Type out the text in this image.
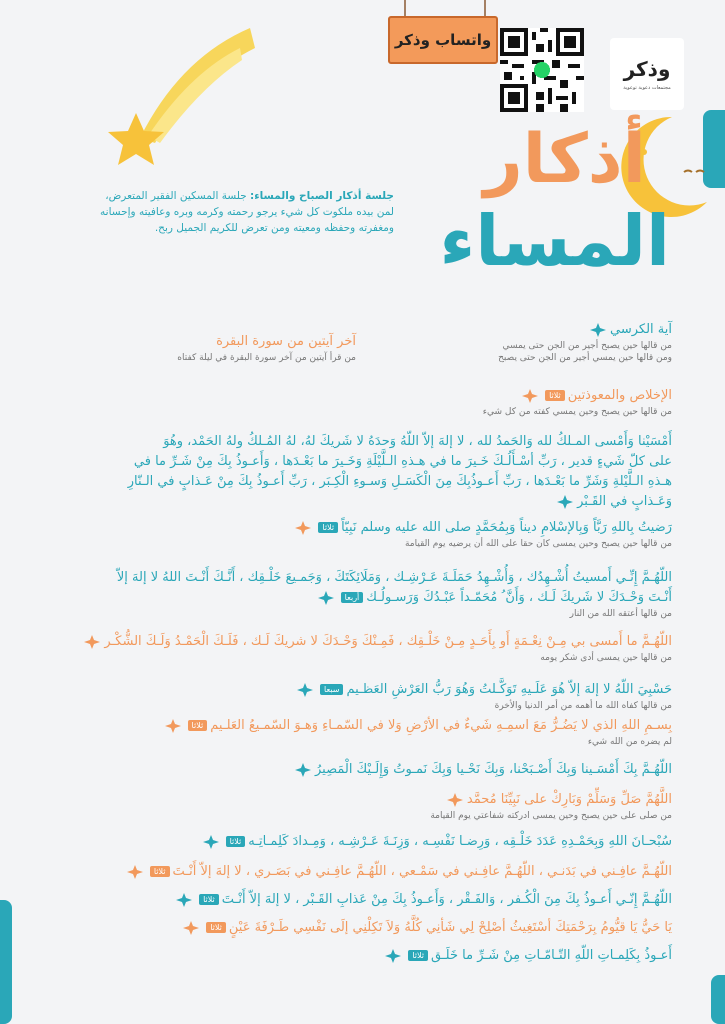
واتساب وذكر
وذكر
مجتمعات دعوية توعوية
أذكار
المساء
جلسة أذكار الصباح والمساء: جلسة المسكين الفقير المتعرض، لمن بيده ملكوت كل شيء يرجو رحمته وكرمه وبره وعافيته وإحسانه ومغفرته وحفظه ومعيته ومن تعرض للكريم الجميل ربح.
آخر آيتين من سورة البقرة
من قرأ آيتين من آخر سورة البقرة في ليلة كفتاه
آية الكرسي
من قالها حين يصبح أجير من الجن حتى يمسي
ومن قالها حين يمسي أجير من الجن حتى يصبح
الإخلاص والمعوذتينثلاثا
من قالها حين يصبح وحين يمسي كفته من كل شيء
أَمْسَيْنا وَأَمْسى المـلكُ لله وَالحَمدُ لله ، لا إلهَ إلاّ اللّهُ وَحدَهُ لا شَريكَ لهُ، لهُ المُـلكُ ولهُ الحَمْد، وهُوَ
على كلّ شَيءٍ قدير ، رَبِّ أسْـأَلُـكَ خَـيرَ ما في هـذهِ الـلَّيْلَةِ وَخَـيرَ ما بَعْـدَها ، وَأَعـوذُ بِكَ مِنْ شَـرِّ ما في
هـذهِ الـلَّيْلةِ وَشَرِّ ما بَعْـدَها ، رَبِّ أَعـوذُبِكَ مِنَ الْكَسَـلِ وَسـوءِ الْكِـبَر ، رَبِّ أَعـوذُ بِكَ مِنْ عَـذابٍ في الـنّارِ
وَعَـذابٍ في القَـبْر
رَضيتُ بِاللهِ رَبَّاً وَبِالإسْلامِ ديناً وَبِمُحَمَّدٍ صلى الله عليه وسلم نَبِيّاًثلاثا
من قالها حين يصبح وحين يمسى كان حقا على الله أن يرضيه يوم القيامة
اللّهُـمَّ إِنِّـي أَمسيتُ أُشْـهِدُك ، وَأُشْـهِدُ حَمَلَـةَ عَـرْشِـك ، وَمَلَائِكَتَكَ ، وَجَمـيعَ خَلْـقِك ، أَنَّـكَ أَنْـتَ اللهُ لا إلهَ إلاّ
أَنْـتَ وَحْـدَكَ لا شَريكَ لَـك ، وَأَنَّ ُ مُحَمّـداً عَبْـدُكَ وَرَسـولُـكأربعا
من قالها أعتقه الله من النار
اللّهُـمَّ ما أَمسى بي مِـنْ نِعْـمَةٍ أَو بِأَحَـدٍ مِـنْ خَلْـقِك ، فَمِـنْكَ وَحْـدَكَ لا شريكَ لَـك ، فَلَـكَ الْحَمْـدُ وَلَـكَ الشُّكْـر
من قالها حين يمسى أدى شكر يومه
حَسْبِيَ اللّهُ لا إلهَ إلاّ هُوَ عَلَـيهِ تَوَكَّـلتُ وَهُوَ رَبُّ العَرْشِ العَظـيمسبعا
من قالها كفاه الله ما أهمه من أمر الدنيا والأخرة
بِسـمِ اللهِ الذي لا يَضُـرُّ مَعَ اسمِـهِ شَيءٌ في الأرْضِ وَلا في السّمـاءِ وَهـوَ السّمـيعُ العَلـيمثلاثا
لم يضره من الله شيء
اللّهُـمَّ بِكَ أَمْسَـينا وَبِكَ أَصْـبَحْنا، وَبِكَ نَحْـيا وَبِكَ نَمـوتُ وَإِلَـيْكَ الْمَصِيرُ
اللَّهُمَّ صَلِّ وَسَلِّمْ وَبَارِكْ على نَبِيِّنَا مُحمَّد
من صلى على حين يصبح وحين يمسى ادركته شفاعتي يوم القيامة
سُبْحـانَ اللهِ وَبِحَمْـدِهِ عَدَدَ خَلْـقِه ، وَرِضـا نَفْسِـه ، وَزِنَـةَ عَـرْشِـه ، وَمِـدادَ كَلِمـاتِـهثلاثا
اللّهُـمَّ عافِـني في بَدَنـي ، اللّهُـمَّ عافِـني في سَمْـعي ، اللّهُـمَّ عافِـني في بَصَـري ، لا إلهَ إلاّ أَنْـتَثلاثا
اللّهُـمَّ إِنّـي أَعـوذُ بِكَ مِنَ الْكُـفر ، وَالفَـقْر ، وَأَعـوذُ بِكَ مِنْ عَذابِ القَـبْر ، لا إلهَ إلاّ أَنْـتَثلاثا
يَا حَيُّ يَا قيُّومُ بِرَحْمَتِكَ أسْتَغِيثُ أصْلِحْ لِي شَأنِي كُلَّهُ وَلاَ تَكِلْنِي إلَى نَفْسِي طَـرْفَةَ عَيْنٍثلاثا
أَعـوذُ بِكَلِمـاتِ اللّهِ التّـامّـاتِ مِنْ شَـرِّ ما خَلَـقثلاثا
